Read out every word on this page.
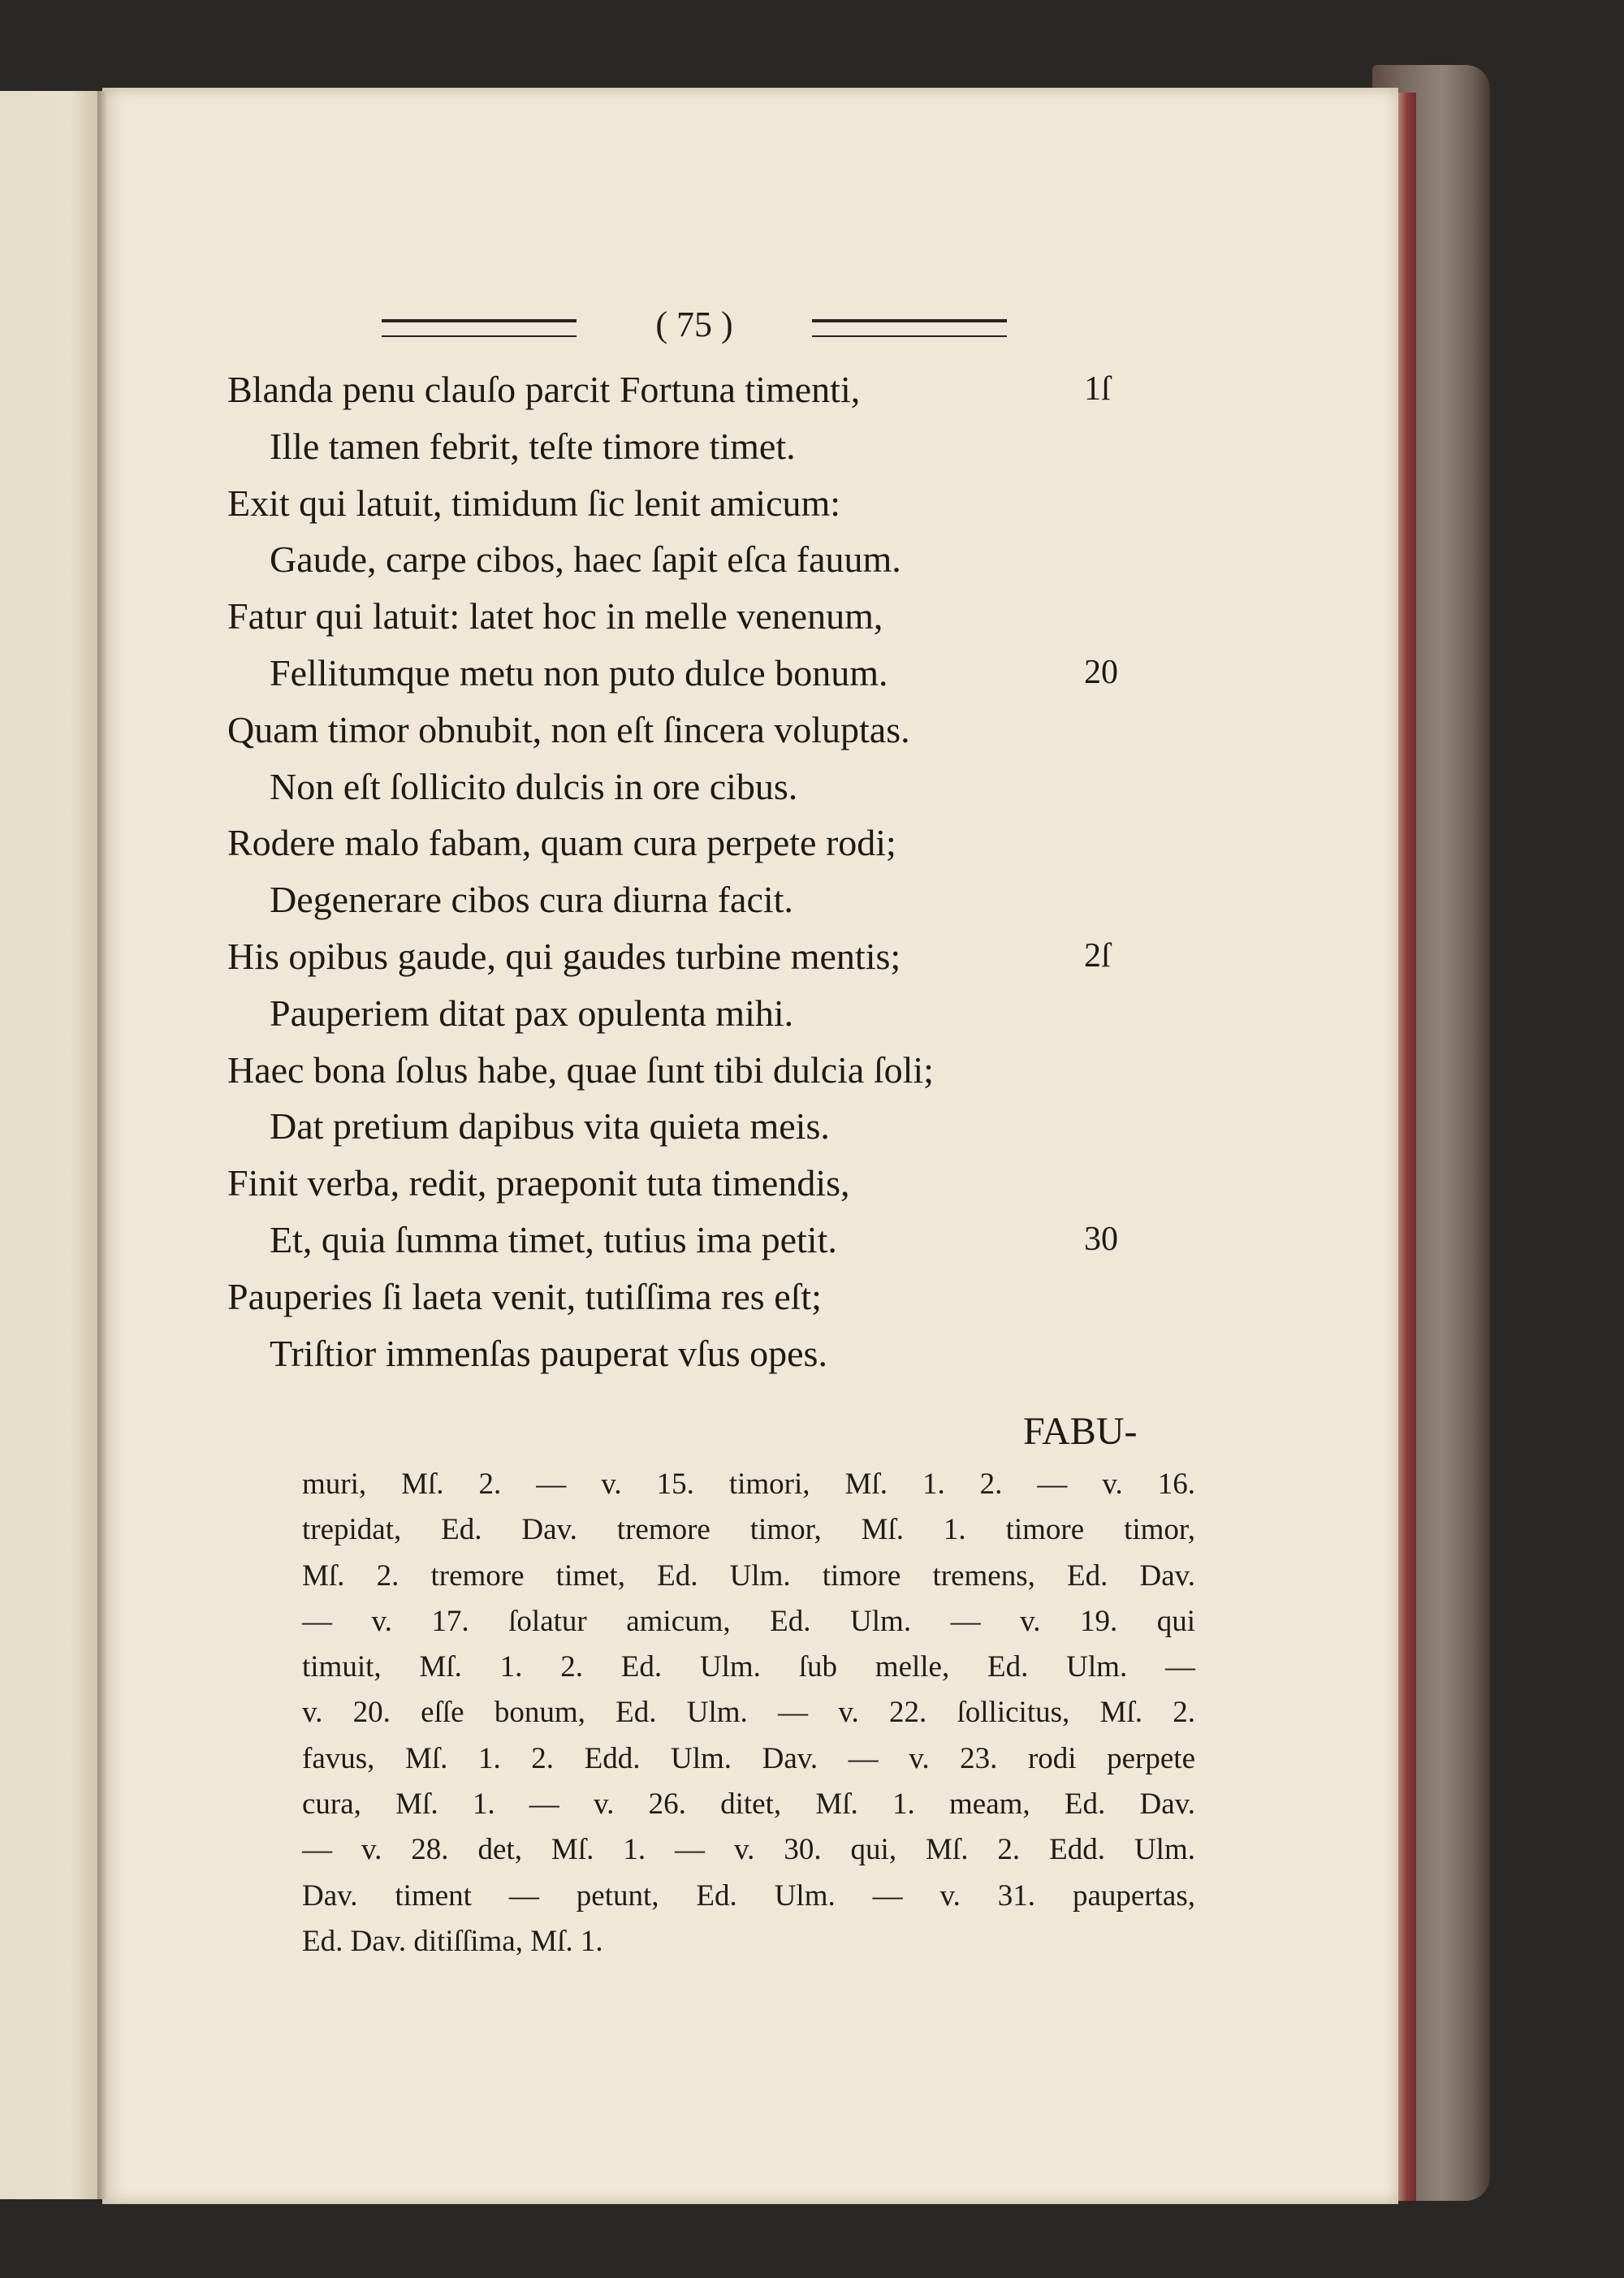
( 75 )
Blanda penu clauſo parcit Fortuna timenti,	1ſ
Ille tamen febrit, teſte timore timet.
Exit qui latuit, timidum ſic lenit amicum:
Gaude, carpe cibos, haec ſapit eſca fauum.
Fatur qui latuit: latet hoc in melle venenum,
Fellitumque metu non puto dulce bonum.	20
Quam timor obnubit, non eſt ſincera voluptas.
Non eſt ſollicito dulcis in ore cibus.
Rodere malo fabam, quam cura perpete rodi;
Degenerare cibos cura diurna facit.
His opibus gaude, qui gaudes turbine mentis;	2ſ
Pauperiem ditat pax opulenta mihi.
Haec bona ſolus habe, quae ſunt tibi dulcia ſoli;
Dat pretium dapibus vita quieta meis.
Finit verba, redit, praeponit tuta timendis,
Et, quia ſumma timet, tutius ima petit.	30
Pauperies ſi laeta venit, tutiſſima res eſt;
Triſtior immenſas pauperat vſus opes.
FABU-
muri, Mſ. 2. — v. 15. timori, Mſ. 1. 2. — v. 16.
trepidat, Ed. Dav. tremore timor, Mſ. 1. timore timor,
Mſ. 2. tremore timet, Ed. Ulm. timore tremens, Ed. Dav.
— v. 17. ſolatur amicum, Ed. Ulm. — v. 19. qui
timuit, Mſ. 1. 2. Ed. Ulm. ſub melle, Ed. Ulm. —
v. 20. eſſe bonum, Ed. Ulm. — v. 22. ſollicitus, Mſ. 2.
favus, Mſ. 1. 2. Edd. Ulm. Dav. — v. 23. rodi perpete
cura, Mſ. 1. — v. 26. ditet, Mſ. 1. meam, Ed. Dav.
— v. 28. det, Mſ. 1. — v. 30. qui, Mſ. 2. Edd. Ulm.
Dav. timent — petunt, Ed. Ulm. — v. 31. paupertas,
Ed. Dav. ditiſſima, Mſ. 1.
